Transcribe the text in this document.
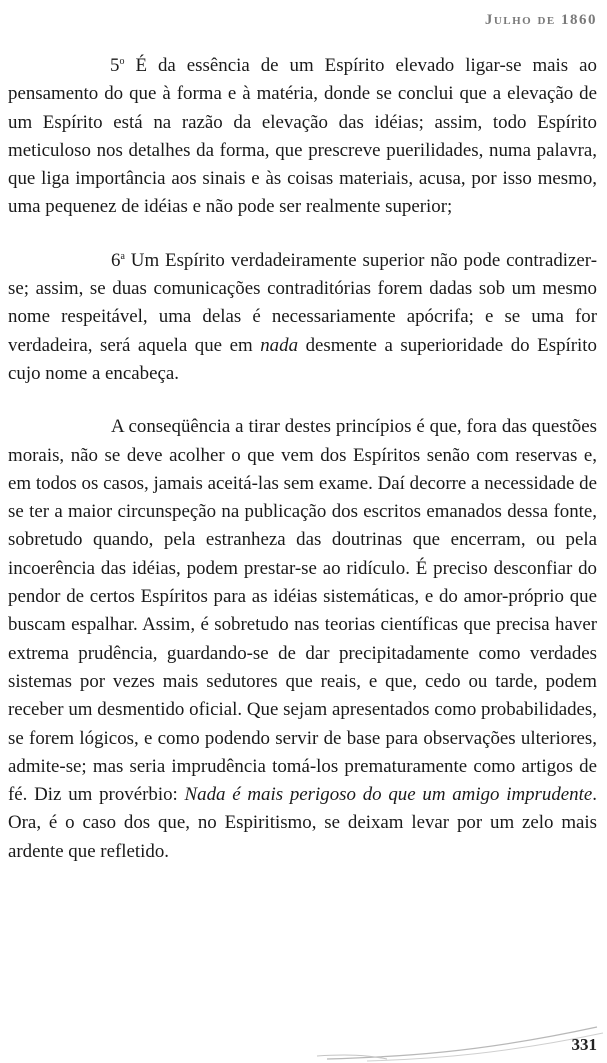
Julho de 1860

5$^o$ É da essência de um Espírito elevado ligar-se mais ao pensamento do que à forma e à matéria, donde se conclui que a elevação de um Espírito está na razão da elevação das idéias; assim, todo Espírito meticuloso nos detalhes da forma, que prescreve puerilidades, numa palavra, que liga importância aos sinais e às coisas materiais, acusa, por isso mesmo, uma pequenez de idéias e não pode ser realmente superior;

6$^a$ Um Espírito verdadeiramente superior não pode contradizer-se; assim, se duas comunicações contraditórias forem dadas sob um mesmo nome respeitável, uma delas é necessariamente apócrifa; e se uma for verdadeira, será aquela que em nada desmente a superioridade do Espírito cujo nome a encabeça.

A conseqüência a tirar destes princípios é que, fora das questões morais, não se deve acolher o que vem dos Espíritos senão com reservas e, em todos os casos, jamais aceitá-las sem exame. Daí decorre a necessidade de se ter a maior circunspeção na publicação dos escritos emanados dessa fonte, sobretudo quando, pela estranheza das doutrinas que encerram, ou pela incoerência das idéias, podem prestar-se ao ridículo. É preciso desconfiar do pendor de certos Espíritos para as idéias sistemáticas, e do amor-próprio que buscam espalhar. Assim, é sobretudo nas teorias científicas que precisa haver extrema prudência, guardando-se de dar precipitadamente como verdades sistemas por vezes mais sedutores que reais, e que, cedo ou tarde, podem receber um desmentido oficial. Que sejam apresentados como probabilidades, se forem lógicos, e como podendo servir de base para observações ulteriores, admite-se; mas seria imprudência tomá-los prematuramente como artigos de fé. Diz um provérbio: Nada é mais perigoso do que um amigo imprudente. Ora, é o caso dos que, no Espiritismo, se deixam levar por um zelo mais ardente que refletido.

331
